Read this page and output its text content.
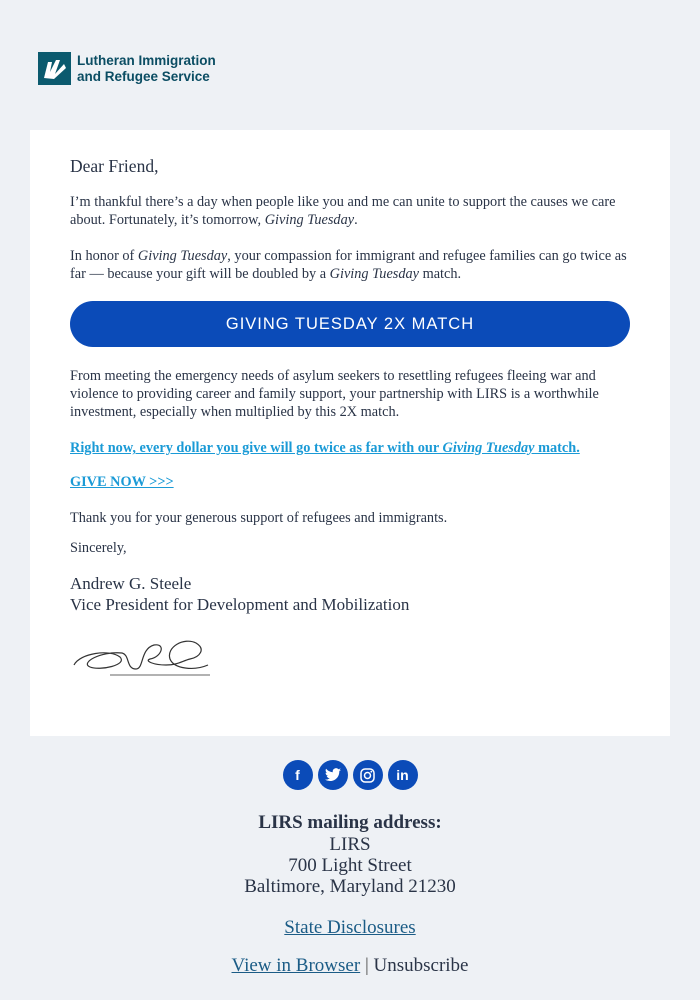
Lutheran Immigration
and Refugee Service
Dear Friend,
I’m thankful there’s a day when people like you and me can unite to support the causes we care about. Fortunately, it’s tomorrow, Giving Tuesday.
In honor of Giving Tuesday, your compassion for immigrant and refugee families can go twice as far — because your gift will be doubled by a Giving Tuesday match.
GIVING TUESDAY 2X MATCH
From meeting the emergency needs of asylum seekers to resettling refugees fleeing war and violence to providing career and family support, your partnership with LIRS is a worthwhile investment, especially when multiplied by this 2X match.
Right now, every dollar you give will go twice as far with our Giving Tuesday match.
GIVE NOW >>>
Thank you for your generous support of refugees and immigrants.
Sincerely,
Andrew G. Steele
Vice President for Development and Mobilization
f	in
LIRS mailing address:
LIRS
700 Light Street
Baltimore, Maryland 21230
State Disclosures
View in Browser | Unsubscribe
